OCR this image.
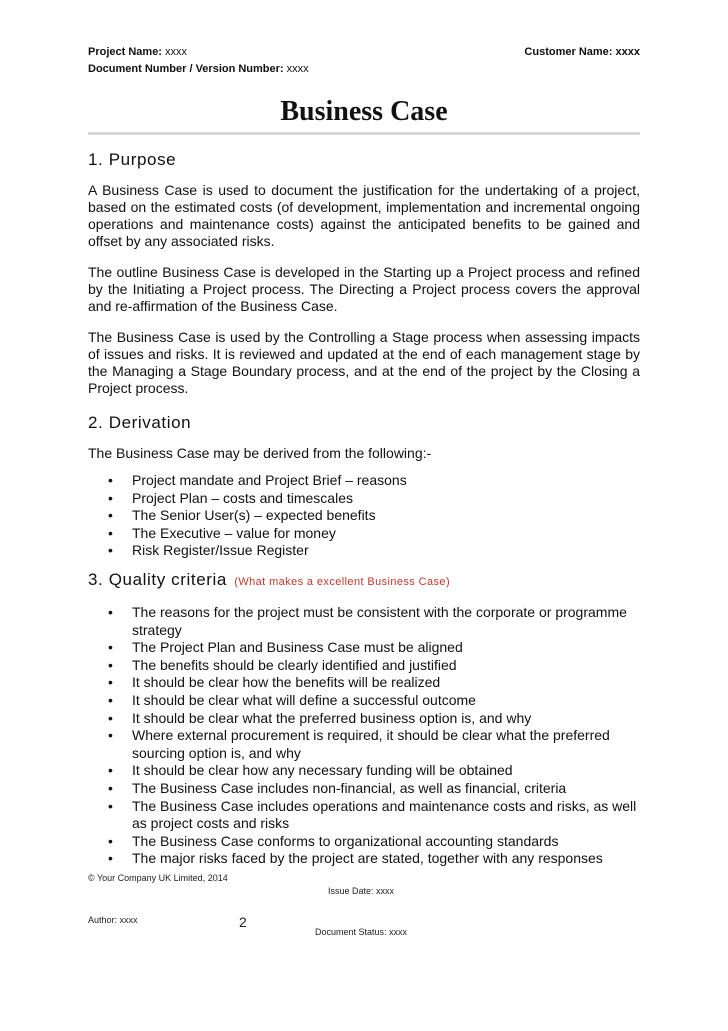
Project Name: xxxx
Document Number / Version Number: xxxx
Customer Name: xxxx
Business Case
1. Purpose

A Business Case is used to document the justification for the undertaking of a project, based on the estimated costs (of development, implementation and incremental ongoing operations and maintenance costs) against the anticipated benefits to be gained and offset by any associated risks.

The outline Business Case is developed in the Starting up a Project process and refined by the Initiating a Project process. The Directing a Project process covers the approval and re-affirmation of the Business Case.

The Business Case is used by the Controlling a Stage process when assessing impacts of issues and risks. It is reviewed and updated at the end of each management stage by the Managing a Stage Boundary process, and at the end of the project by the Closing a Project process.

2. Derivation

The Business Case may be derived from the following:-

• Project mandate and Project Brief – reasons
• Project Plan – costs and timescales
• The Senior User(s) – expected benefits
• The Executive – value for money
• Risk Register/Issue Register
3. Quality criteria (What makes a excellent Business Case)
• The reasons for the project must be consistent with the corporate or programme strategy
• The Project Plan and Business Case must be aligned
• The benefits should be clearly identified and justified
• It should be clear how the benefits will be realized
• It should be clear what will define a successful outcome
• It should be clear what the preferred business option is, and why
• Where external procurement is required, it should be clear what the preferred sourcing option is, and why
• It should be clear how any necessary funding will be obtained
• The Business Case includes non-financial, as well as financial, criteria
• The Business Case includes operations and maintenance costs and risks, as well as project costs and risks
• The Business Case conforms to organizational accounting standards
• The major risks faced by the project are stated, together with any responses
© Your Company UK Limited, 2014
Issue Date: xxxx
Author: xxxx	2
Document Status: xxxx
